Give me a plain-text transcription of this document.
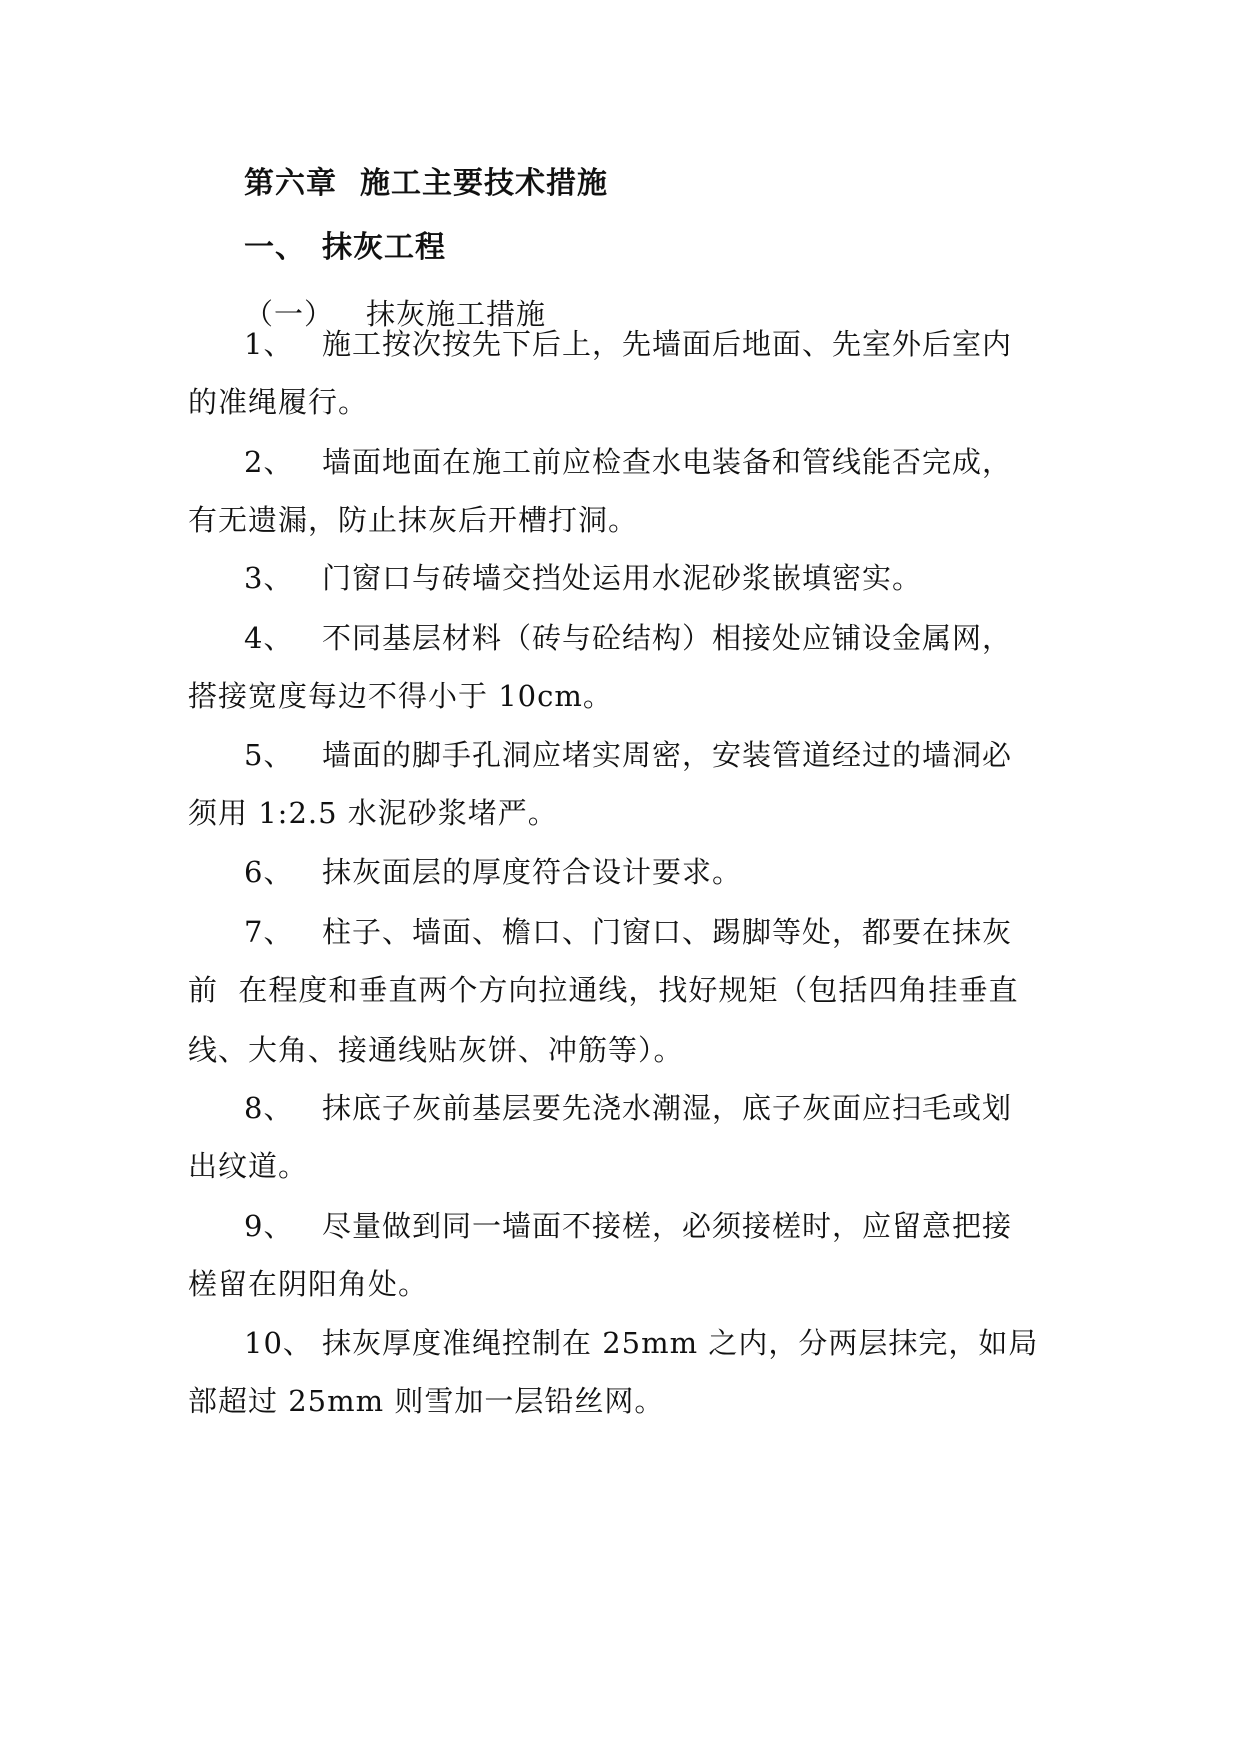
第六章 施工主要技术措施
一、 抹灰工程
（一） 抹灰施工措施
1、 施工按次按先下后上，先墙面后地面、先室外后室内
的准绳履行。
2、 墙面地面在施工前应检查水电装备和管线能否完成，
有无遗漏，防止抹灰后开槽打洞。
3、 门窗口与砖墙交挡处运用水泥砂浆嵌填密实。
4、 不同基层材料（砖与砼结构）相接处应铺设金属网，
搭接宽度每边不得小于 10cm。
5、 墙面的脚手孔洞应堵实周密，安装管道经过的墙洞必
须用 1:2.5 水泥砂浆堵严。
6、 抹灰面层的厚度符合设计要求。
7、 柱子、墙面、檐口、门窗口、踢脚等处，都要在抹灰
前  在程度和垂直两个方向拉通线，找好规矩（包括四角挂垂直
线、大角、接通线贴灰饼、冲筋等）。
8、 抹底子灰前基层要先浇水潮湿，底子灰面应扫毛或划
出纹道。
9、 尽量做到同一墙面不接槎，必须接槎时，应留意把接
槎留在阴阳角处。
10、 抹灰厚度准绳控制在 25mm 之内，分两层抹完，如局
部超过 25mm 则雪加一层铅丝网。
